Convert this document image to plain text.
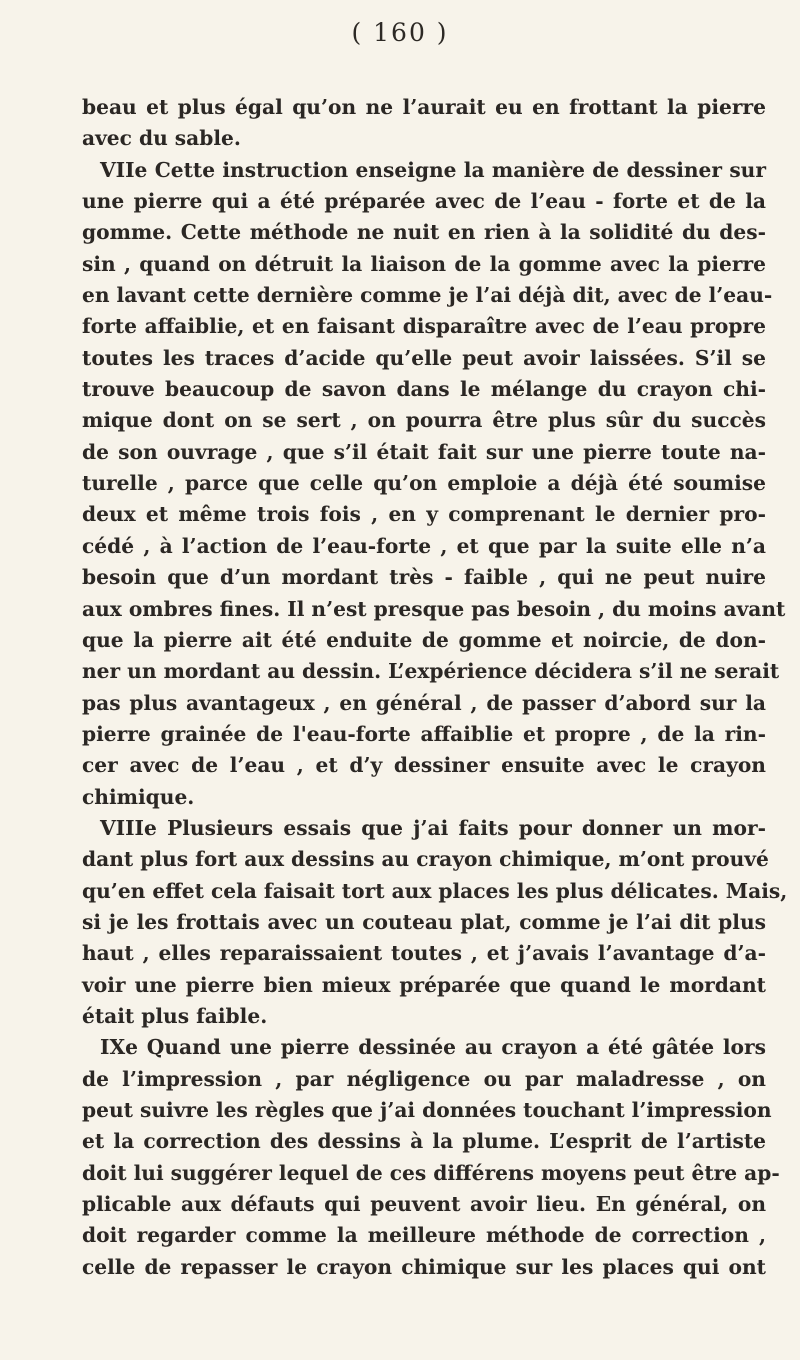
( 160 )
beau et plus égal qu’on ne l’aurait eu en frottant la pierre
avec du sable.
VIIe Cette instruction enseigne la manière de dessiner sur
une pierre qui a été préparée avec de l’eau - forte et de la
gomme. Cette méthode ne nuit en rien à la solidité du des-
sin , quand on détruit la liaison de la gomme avec la pierre
en lavant cette dernière comme je l’ai déjà dit, avec de l’eau-
forte affaiblie, et en faisant disparaître avec de l’eau propre
toutes les traces d’acide qu’elle peut avoir laissées. S’il se
trouve beaucoup de savon dans le mélange du crayon chi-
mique dont on se sert , on pourra être plus sûr du succès
de son ouvrage , que s’il était fait sur une pierre toute na-
turelle , parce que celle qu’on emploie a déjà été soumise
deux et même trois fois , en y comprenant le dernier pro-
cédé , à l’action de l’eau-forte , et que par la suite elle n’a
besoin que d’un mordant très - faible , qui ne peut nuire
aux ombres fines. Il n’est presque pas besoin , du moins avant
que la pierre ait été enduite de gomme et noircie, de don-
ner un mordant au dessin. L’expérience décidera s’il ne serait
pas plus avantageux , en général , de passer d’abord sur la
pierre grainée de l'eau-forte affaiblie et propre , de la rin-
cer avec de l’eau , et d’y dessiner ensuite avec le crayon
chimique.
VIIIe Plusieurs essais que j’ai faits pour donner un mor-
dant plus fort aux dessins au crayon chimique, m’ont prouvé
qu’en effet cela faisait tort aux places les plus délicates. Mais,
si je les frottais avec un couteau plat, comme je l’ai dit plus
haut , elles reparaissaient toutes , et j’avais l’avantage d’a-
voir une pierre bien mieux préparée que quand le mordant
était plus faible.
IXe Quand une pierre dessinée au crayon a été gâtée lors
de l’impression , par négligence ou par maladresse , on
peut suivre les règles que j’ai données touchant l’impression
et la correction des dessins à la plume. L’esprit de l’artiste
doit lui suggérer lequel de ces différens moyens peut être ap-
plicable aux défauts qui peuvent avoir lieu. En général, on
doit regarder comme la meilleure méthode de correction ,
celle de repasser le crayon chimique sur les places qui ont
